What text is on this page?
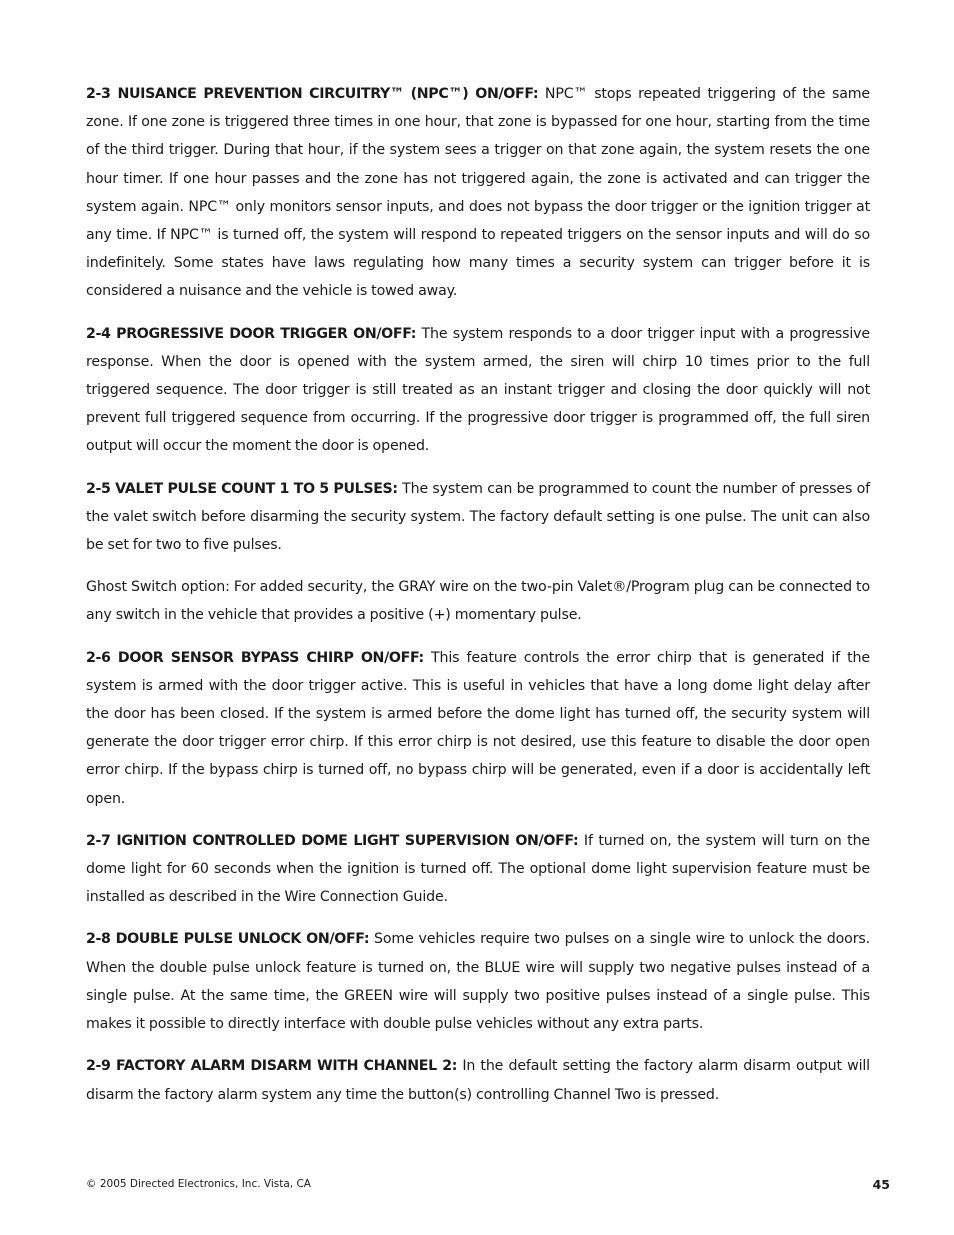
2-3 NUISANCE PREVENTION CIRCUITRY™ (NPC™) ON/OFF: NPC™ stops repeated triggering of the same zone. If one zone is triggered three times in one hour, that zone is bypassed for one hour, starting from the time of the third trigger. During that hour, if the system sees a trigger on that zone again, the system resets the one hour timer. If one hour passes and the zone has not triggered again, the zone is activated and can trigger the system again. NPC™ only monitors sensor inputs, and does not bypass the door trigger or the ignition trigger at any time. If NPC™ is turned off, the system will respond to repeated triggers on the sensor inputs and will do so indefinitely. Some states have laws regulating how many times a security system can trigger before it is considered a nuisance and the vehicle is towed away.

2-4 PROGRESSIVE DOOR TRIGGER ON/OFF: The system responds to a door trigger input with a progressive response. When the door is opened with the system armed, the siren will chirp 10 times prior to the full triggered sequence. The door trigger is still treated as an instant trigger and closing the door quickly will not prevent full triggered sequence from occurring. If the progressive door trigger is programmed off, the full siren output will occur the moment the door is opened.

2-5 VALET PULSE COUNT 1 TO 5 PULSES: The system can be programmed to count the number of presses of the valet switch before disarming the security system. The factory default setting is one pulse. The unit can also be set for two to five pulses.

Ghost Switch option: For added security, the GRAY wire on the two-pin Valet®/Program plug can be connected to any switch in the vehicle that provides a positive (+) momentary pulse.

2-6 DOOR SENSOR BYPASS CHIRP ON/OFF: This feature controls the error chirp that is generated if the system is armed with the door trigger active. This is useful in vehicles that have a long dome light delay after the door has been closed. If the system is armed before the dome light has turned off, the security system will generate the door trigger error chirp. If this error chirp is not desired, use this feature to disable the door open error chirp. If the bypass chirp is turned off, no bypass chirp will be generated, even if a door is accidentally left open.

2-7 IGNITION CONTROLLED DOME LIGHT SUPERVISION ON/OFF: If turned on, the system will turn on the dome light for 60 seconds when the ignition is turned off. The optional dome light supervision feature must be installed as described in the Wire Connection Guide.

2-8 DOUBLE PULSE UNLOCK ON/OFF: Some vehicles require two pulses on a single wire to unlock the doors. When the double pulse unlock feature is turned on, the BLUE wire will supply two negative pulses instead of a single pulse. At the same time, the GREEN wire will supply two positive pulses instead of a single pulse. This makes it possible to directly interface with double pulse vehicles without any extra parts.

2-9 FACTORY ALARM DISARM WITH CHANNEL 2: In the default setting the factory alarm disarm output will disarm the factory alarm system any time the button(s) controlling Channel Two is pressed.

© 2005 Directed Electronics, Inc. Vista, CA	45
